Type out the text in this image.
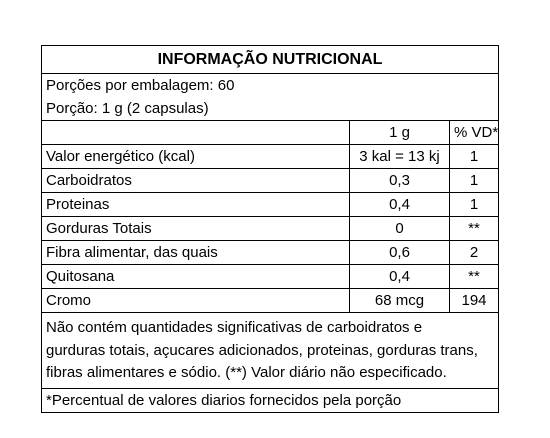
INFORMAÇÃO NUTRICIONAL
Porções por embalagem: 60
Porção: 1 g (2 capsulas)
	1 g	% VD*
Valor energético (kcal)	3 kal = 13 kj	1
Carboidratos	0,3	1
Proteinas	0,4	1
Gorduras Totais	0	**
Fibra alimentar, das quais	0,6	2
Quitosana	0,4	**
Cromo	68 mcg	194
Não contém quantidades significativas de carboidratos e
gurduras totais, açucares adicionados, proteinas, gorduras trans,
fibras alimentares e sódio. (**) Valor diário não especificado.
*Percentual de valores diarios fornecidos pela porção
